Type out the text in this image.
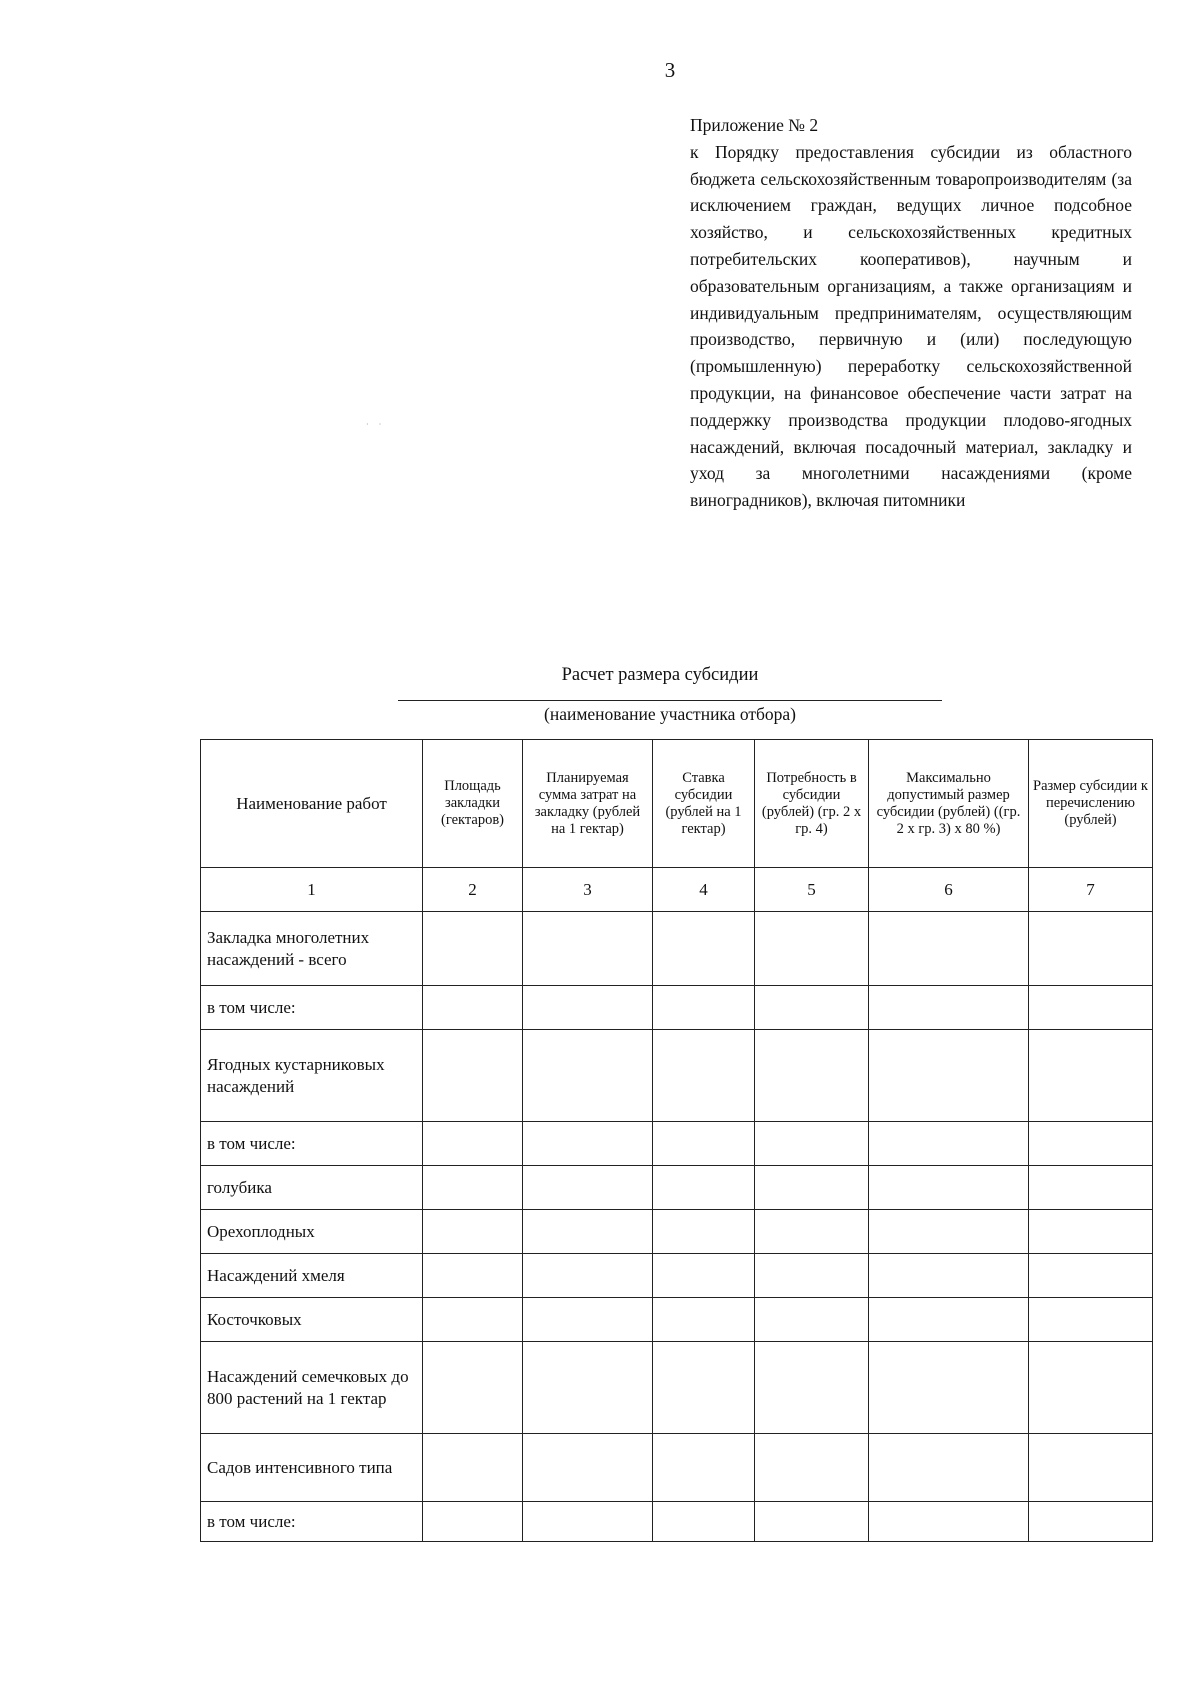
3
Приложение № 2
к Порядку предоставления субсидии из областного бюджета сельскохозяйственным товаропроизводителям (за исключением граждан, ведущих личное подсобное хозяйство, и сельскохозяйственных кредитных потребительских кооперативов), научным и образовательным организациям, а также организациям и индивидуальным предпринимателям, осуществляющим производство, первичную и (или) последующую (промышленную) переработку сельскохозяйственной продукции, на финансовое обеспечение части затрат на поддержку производства продукции плодово-ягодных насаждений, включая посадочный материал, закладку и уход за многолетними насаждениями (кроме виноградников), включая питомники
· ·
Расчет размера субсидии
(наименование участника отбора)
Наименование работ	Площадь закладки (гектаров)	Планируемая сумма затрат на закладку (рублей на 1 гектар)	Ставка субсидии (рублей на 1 гектар)	Потребность в субсидии (рублей) (гр. 2 x гр. 4)	Максимально допустимый размер субсидии (рублей) ((гр. 2 x гр. 3) x 80 %)	Размер субсидии к перечислению (рублей)
1	2	3	4	5	6	7
Закладка многолетних насаждений - всего						
в том числе:						
Ягодных кустарниковых насаждений						
в том числе:						
голубика						
Орехоплодных						
Насаждений хмеля						
Косточковых						
Насаждений семечковых до 800 растений на 1 гектар						
Садов интенсивного типа						
в том числе:						
